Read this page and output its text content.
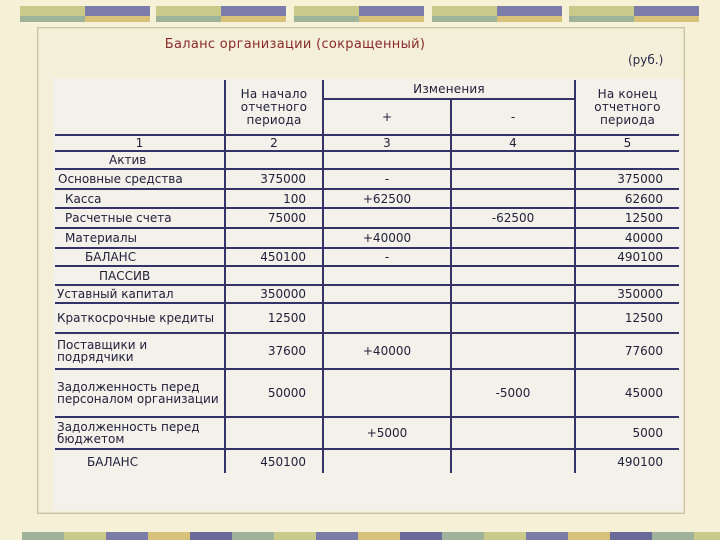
Баланс организации (сокращенный)
(руб.)
	На начало отчетного периода	Изменения		На конец отчетного периода
		+	-	
1	2	3	4	5
Актив				
Основные средства	375000	-		375000
Касса	100	+62500		62600
Расчетные счета	75000		-62500	12500
Материалы		+40000		40000
БАЛАНС	450100	-		490100
ПАССИВ				
Уставный капитал	350000			350000
Краткосрочные кредиты	12500			12500

Поставщики и подрядчики	37600	+40000		77600
Задолженность перед персоналом организации	50000		-5000	45000
Задолженность перед бюджетом		+5000		5000
БАЛАНС	450100			490100
